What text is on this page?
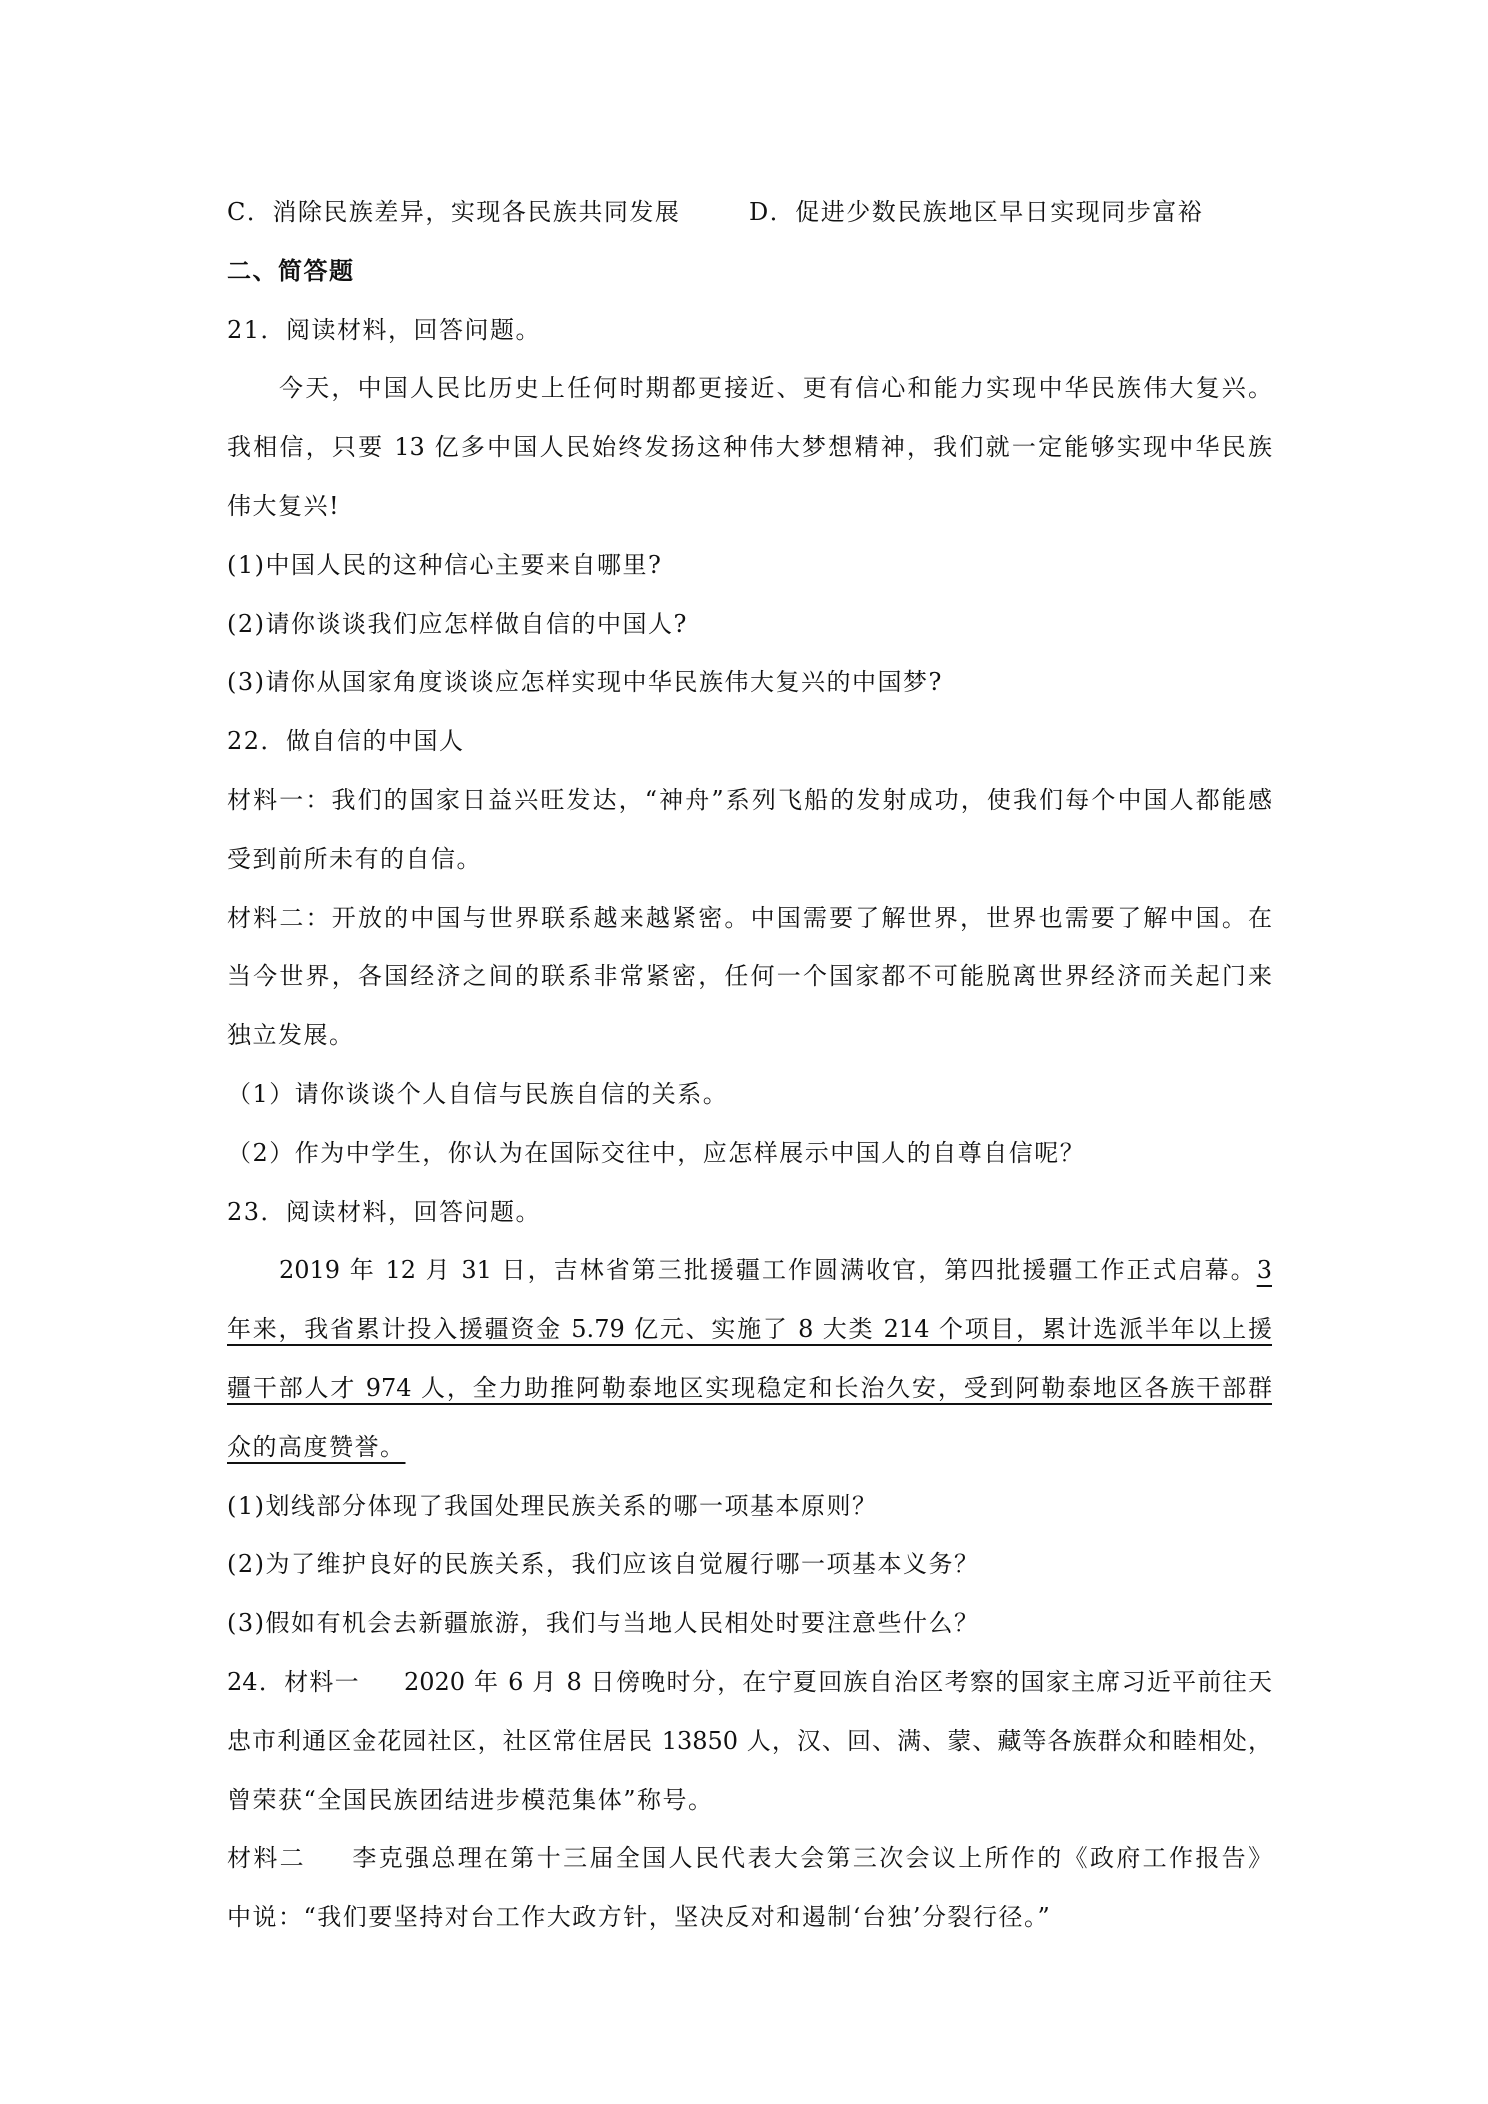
C．消除民族差异，实现各民族共同发展	D．促进少数民族地区早日实现同步富裕
二、简答题
21．阅读材料，回答问题。
今天，中国人民比历史上任何时期都更接近、更有信心和能力实现中华民族伟大复兴。
我相信，只要 13 亿多中国人民始终发扬这种伟大梦想精神，我们就一定能够实现中华民族
伟大复兴!
(1)中国人民的这种信心主要来自哪里?
(2)请你谈谈我们应怎样做自信的中国人?
(3)请你从国家角度谈谈应怎样实现中华民族伟大复兴的中国梦?
22．做自信的中国人
材料一：我们的国家日益兴旺发达，“神舟”系列飞船的发射成功，使我们每个中国人都能感
受到前所未有的自信。
材料二：开放的中国与世界联系越来越紧密。中国需要了解世界，世界也需要了解中国。在
当今世界，各国经济之间的联系非常紧密，任何一个国家都不可能脱离世界经济而关起门来
独立发展。
（1）请你谈谈个人自信与民族自信的关系。
（2）作为中学生，你认为在国际交往中，应怎样展示中国人的自尊自信呢？
23．阅读材料，回答问题。
2019 年 12 月 31 日，吉林省第三批援疆工作圆满收官，第四批援疆工作正式启幕。3
年来，我省累计投入援疆资金 5.79 亿元、实施了 8 大类 214 个项目，累计选派半年以上援
疆干部人才 974 人，全力助推阿勒泰地区实现稳定和长治久安，受到阿勒泰地区各族干部群
众的高度赞誉。
(1)划线部分体现了我国处理民族关系的哪一项基本原则？
(2)为了维护良好的民族关系，我们应该自觉履行哪一项基本义务？
(3)假如有机会去新疆旅游，我们与当地人民相处时要注意些什么？
24．材料一 2020 年 6 月 8 日傍晚时分，在宁夏回族自治区考察的国家主席习近平前往天
忠市利通区金花园社区，社区常住居民 13850 人，汉、回、满、蒙、藏等各族群众和睦相处，
曾荣获“全国民族团结进步模范集体”称号。
材料二 李克强总理在第十三届全国人民代表大会第三次会议上所作的《政府工作报告》
中说：“我们要坚持对台工作大政方针，坚决反对和遏制‘台独’分裂行径。”
